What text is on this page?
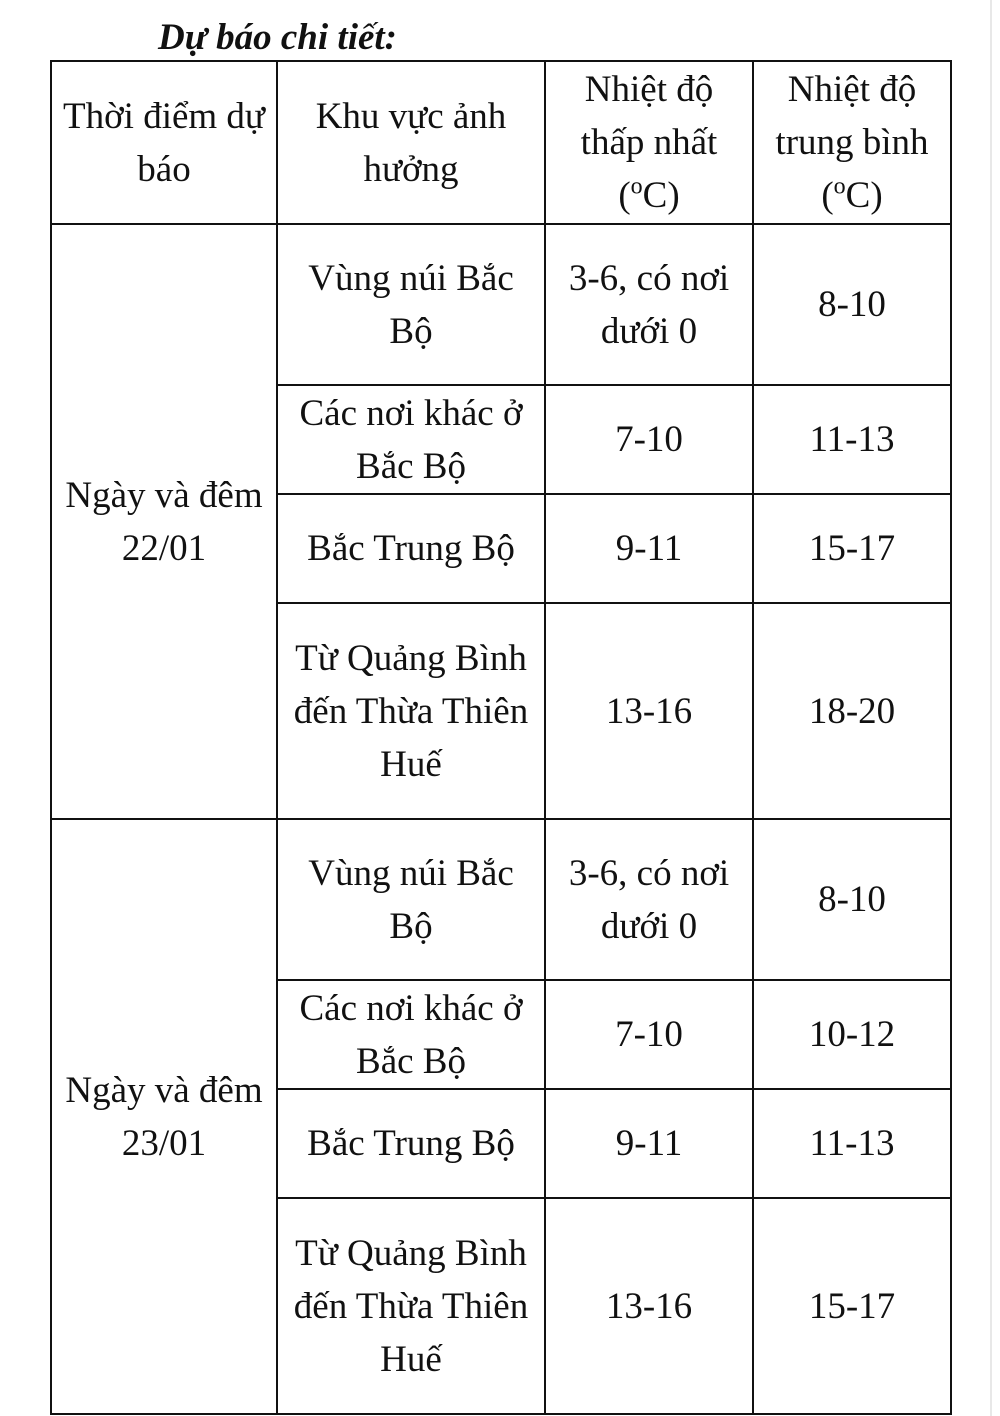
Dự báo chi tiết:
Thời điểm dự báo	Khu vực ảnh hưởng	Nhiệt độ thấp nhất ($^o$C)	Nhiệt độ trung bình ($^o$C)
Ngày và đêm 22/01	Vùng núi Bắc Bộ	3-6, có nơi dưới 0	8-10
	Các nơi khác ở Bắc Bộ	7-10	11-13
	Bắc Trung Bộ	9-11	15-17
	Từ Quảng Bình đến Thừa Thiên Huế	13-16	18-20
Ngày và đêm 23/01	Vùng núi Bắc Bộ	3-6, có nơi dưới 0	8-10
	Các nơi khác ở Bắc Bộ	7-10	10-12
	Bắc Trung Bộ	9-11	11-13
	Từ Quảng Bình đến Thừa Thiên Huế	13-16	15-17
